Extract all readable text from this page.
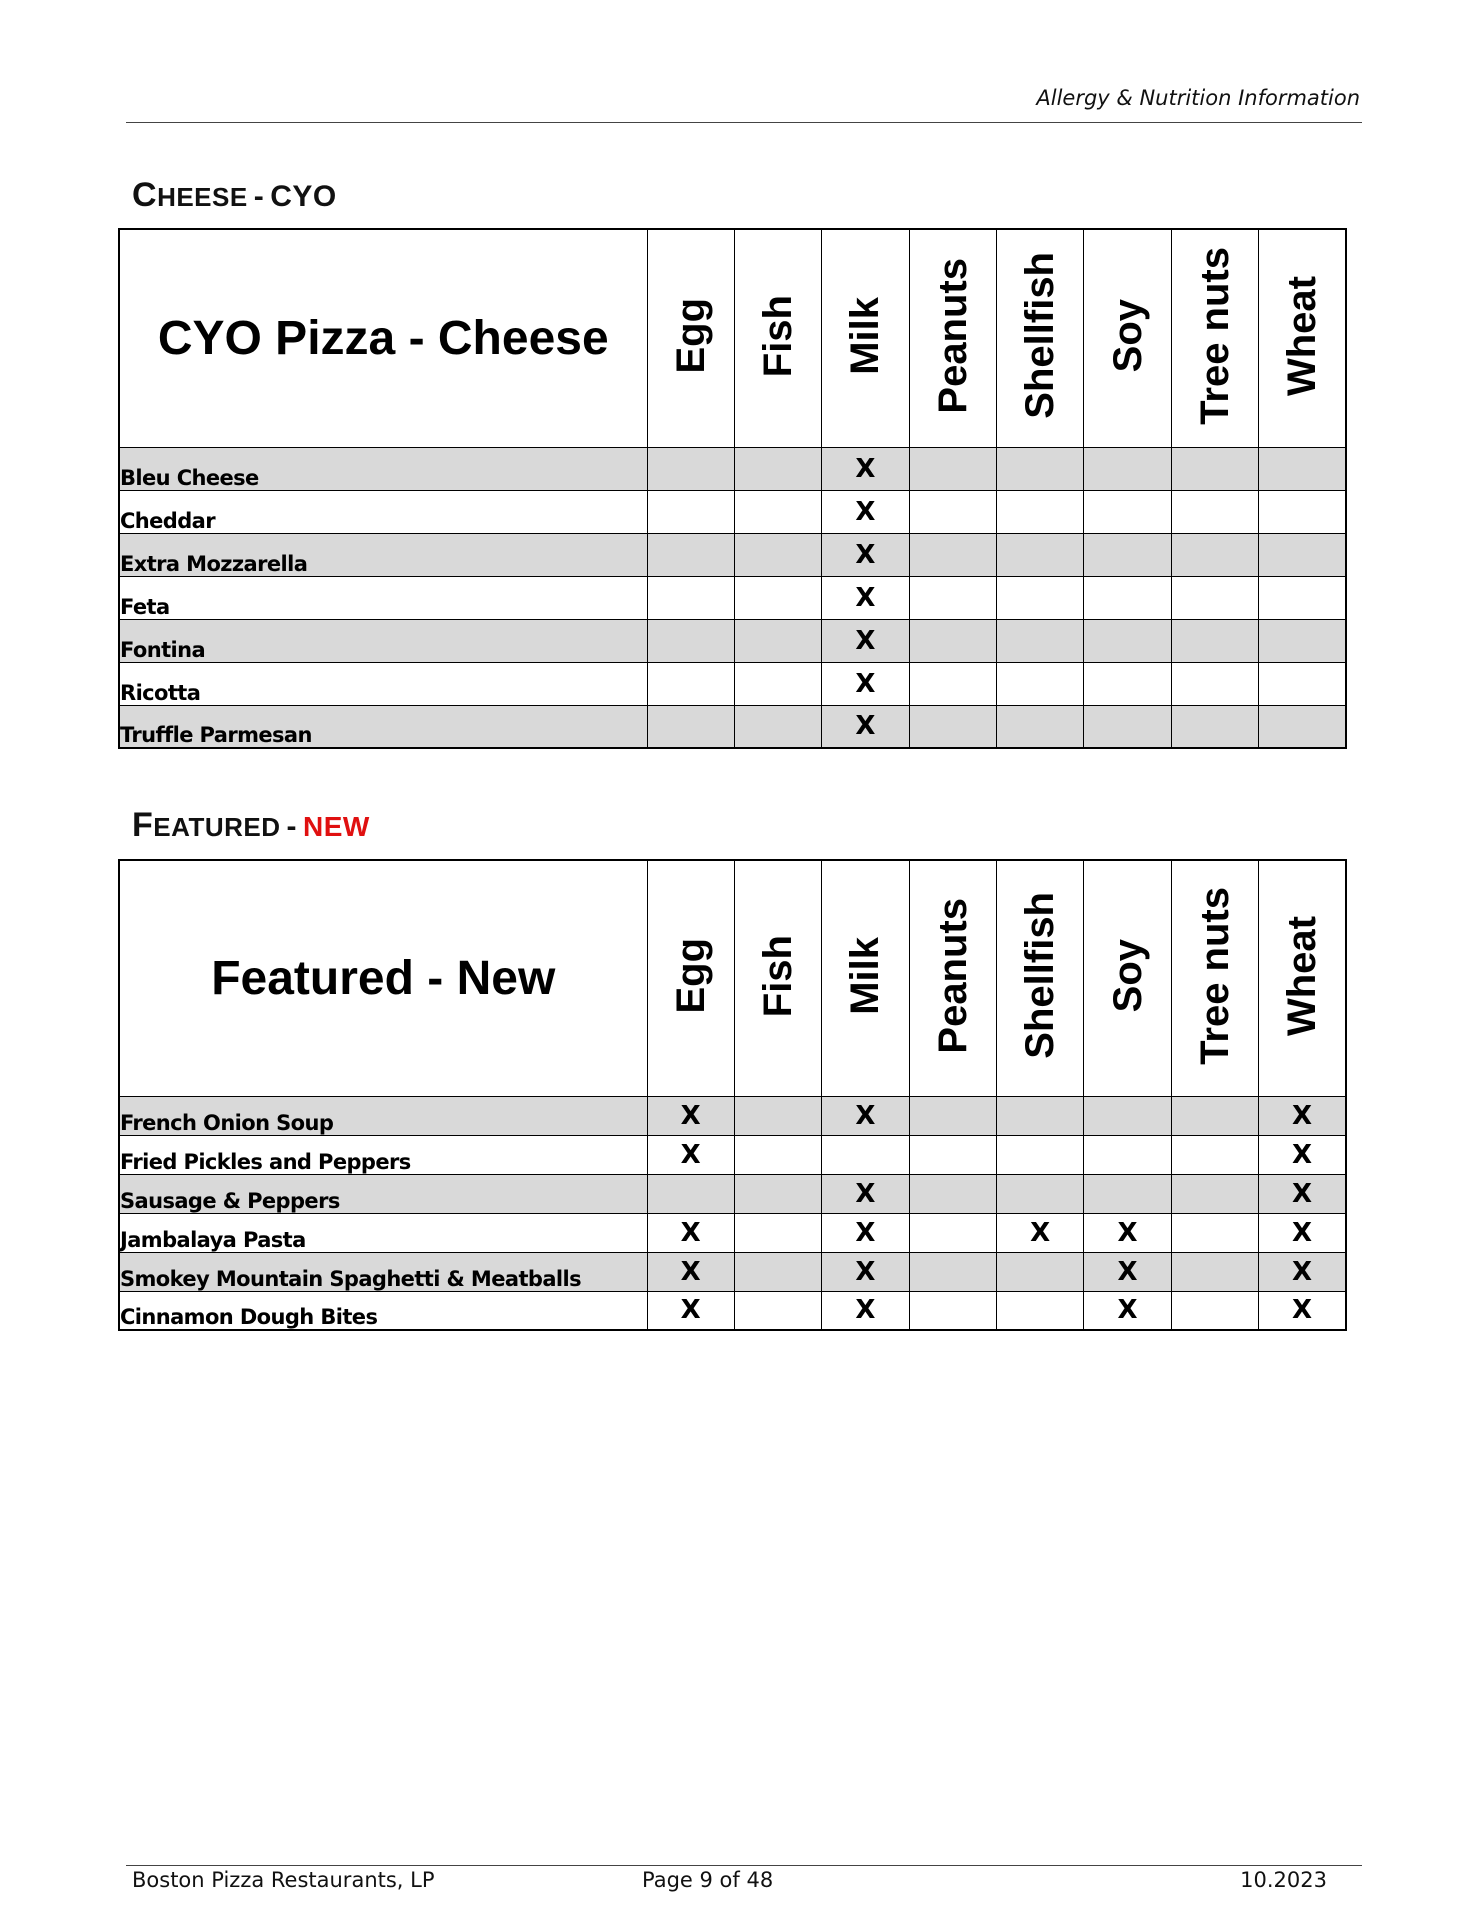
Allergy & Nutrition Information
CHEESE - CYO
CYO Pizza - Cheese	Egg	Fish	Milk	Peanuts	Shellfish	Soy	Tree nuts	Wheat
Bleu Cheese			X					
Cheddar			X					
Extra Mozzarella			X					
Feta			X					
Fontina			X					
Ricotta			X					
Truffle Parmesan			X					
FEATURED - NEW
Featured - New	Egg	Fish	Milk	Peanuts	Shellfish	Soy	Tree nuts	Wheat
French Onion Soup	X		X					X
Fried Pickles and Peppers	X							X
Sausage & Peppers			X					X
Jambalaya Pasta	X		X		X	X		X
Smokey Mountain Spaghetti & Meatballs	X		X			X		X
Cinnamon Dough Bites	X		X			X		X
Boston Pizza Restaurants, LP	Page 9 of 48	10.2023
